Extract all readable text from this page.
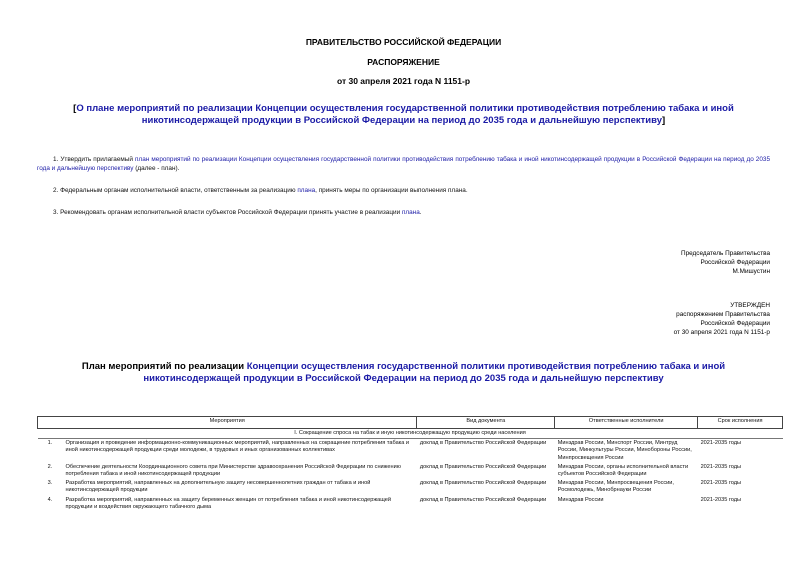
ПРАВИТЕЛЬСТВО РОССИЙСКОЙ ФЕДЕРАЦИИ
РАСПОРЯЖЕНИЕ
от 30 апреля 2021 года N 1151-р
[О плане мероприятий по реализации Концепции осуществления государственной политики противодействия потреблению табака и иной никотинсодержащей продукции в Российской Федерации на период до 2035 года и дальнейшую перспективу]
1. Утвердить прилагаемый план мероприятий по реализации Концепции осуществления государственной политики противодействия потреблению табака и иной никотинсодержащей продукции в Российской Федерации на период до 2035 года и дальнейшую перспективу (далее - план).
2. Федеральным органам исполнительной власти, ответственным за реализацию плана, принять меры по организации выполнения плана.
3. Рекомендовать органам исполнительной власти субъектов Российской Федерации принять участие в реализации плана.
Председатель Правительства
Российской Федерации
М.Мишустин
УТВЕРЖДЕН
распоряжением Правительства
Российской Федерации
от 30 апреля 2021 года N 1151-р
План мероприятий по реализации Концепции осуществления государственной политики противодействия потреблению табака и иной никотинсодержащей продукции в Российской Федерации на период до 2035 года и дальнейшую перспективу
Мероприятия		Вид документа	Ответственные исполнители	Срок исполнения
I. Сокращение спроса на табак и иную никотинсодержащую продукцию среди населения				
1.	Организация и проведение информационно-коммуникационных мероприятий, направленных на сокращение потребления табака и иной никотинсодержащей продукции среди молодежи, в трудовых и иных организованных коллективах	доклад в Правительство Российской Федерации	Минздрав России, Минспорт России, Минтруд России, Минкультуры России, Минобороны России, Минпросвещения России	2021-2035 годы
2.	Обеспечение деятельности Координационного совета при Министерстве здравоохранения Российской Федерации по снижению потребления табака и иной никотинсодержащей продукции	доклад в Правительство Российской Федерации	Минздрав России, органы исполнительной власти субъектов Российской Федерации	2021-2035 годы
3.	Разработка мероприятий, направленных на дополнительную защиту несовершеннолетних граждан от табака и иной никотинсодержащей продукции	доклад в Правительство Российской Федерации	Минздрав России, Минпросвещения России, Росмолодежь, Минобрнауки России	2021-2035 годы
4.	Разработка мероприятий, направленных на защиту беременных женщин от потребления табака и иной никотинсодержащей продукции и воздействия окружающего табачного дыма	доклад в Правительство Российской Федерации	Минздрав России	2021-2035 годы
